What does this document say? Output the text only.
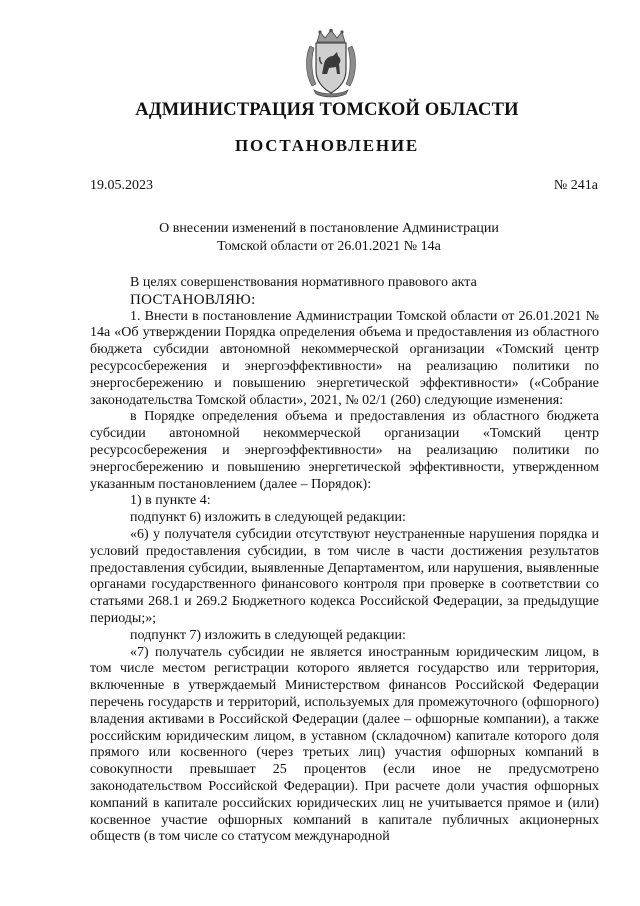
АДМИНИСТРАЦИЯ ТОМСКОЙ ОБЛАСТИ
ПОСТАНОВЛЕНИЕ
19.05.2023	№ 241а
О внесении изменений в постановление Администрации
Томской области от 26.01.2021 № 14а

В целях совершенствования нормативного правового акта

ПОСТАНОВЛЯЮ:

1. Внести в постановление Администрации Томской области от 26.01.2021 № 14а «Об утверждении Порядка определения объема и предоставления из областного бюджета субсидии автономной некоммерческой организации «Томский центр ресурсосбережения и энергоэффективности» на реализацию политики по энергосбережению и повышению энергетической эффективности» («Собрание законодательства Томской области», 2021, № 02/1 (260) следующие изменения:

в Порядке определения объема и предоставления из областного бюджета субсидии автономной некоммерческой организации «Томский центр ресурсосбережения и энергоэффективности» на реализацию политики по энергосбережению и повышению энергетической эффективности, утвержденном указанным постановлением (далее – Порядок):

1) в пункте 4:

подпункт 6) изложить в следующей редакции:

«6) у получателя субсидии отсутствуют неустраненные нарушения порядка и условий предоставления субсидии, в том числе в части достижения результатов предоставления субсидии, выявленные Департаментом, или нарушения, выявленные органами государственного финансового контроля при проверке в соответствии со статьями 268.1 и 269.2 Бюджетного кодекса Российской Федерации, за предыдущие периоды;»;

подпункт 7) изложить в следующей редакции:

«7) получатель субсидии не является иностранным юридическим лицом, в том числе местом регистрации которого является государство или территория, включенные в утверждаемый Министерством финансов Российской Федерации перечень государств и территорий, используемых для промежуточного (офшорного) владения активами в Российской Федерации (далее – офшорные компании), а также российским юридическим лицом, в уставном (складочном) капитале которого доля прямого или косвенного (через третьих лиц) участия офшорных компаний в совокупности превышает 25 процентов (если иное не предусмотрено законодательством Российской Федерации). При расчете доли участия офшорных компаний в капитале российских юридических лиц не учитывается прямое и (или) косвенное участие офшорных компаний в капитале публичных акционерных обществ (в том числе со статусом международной
